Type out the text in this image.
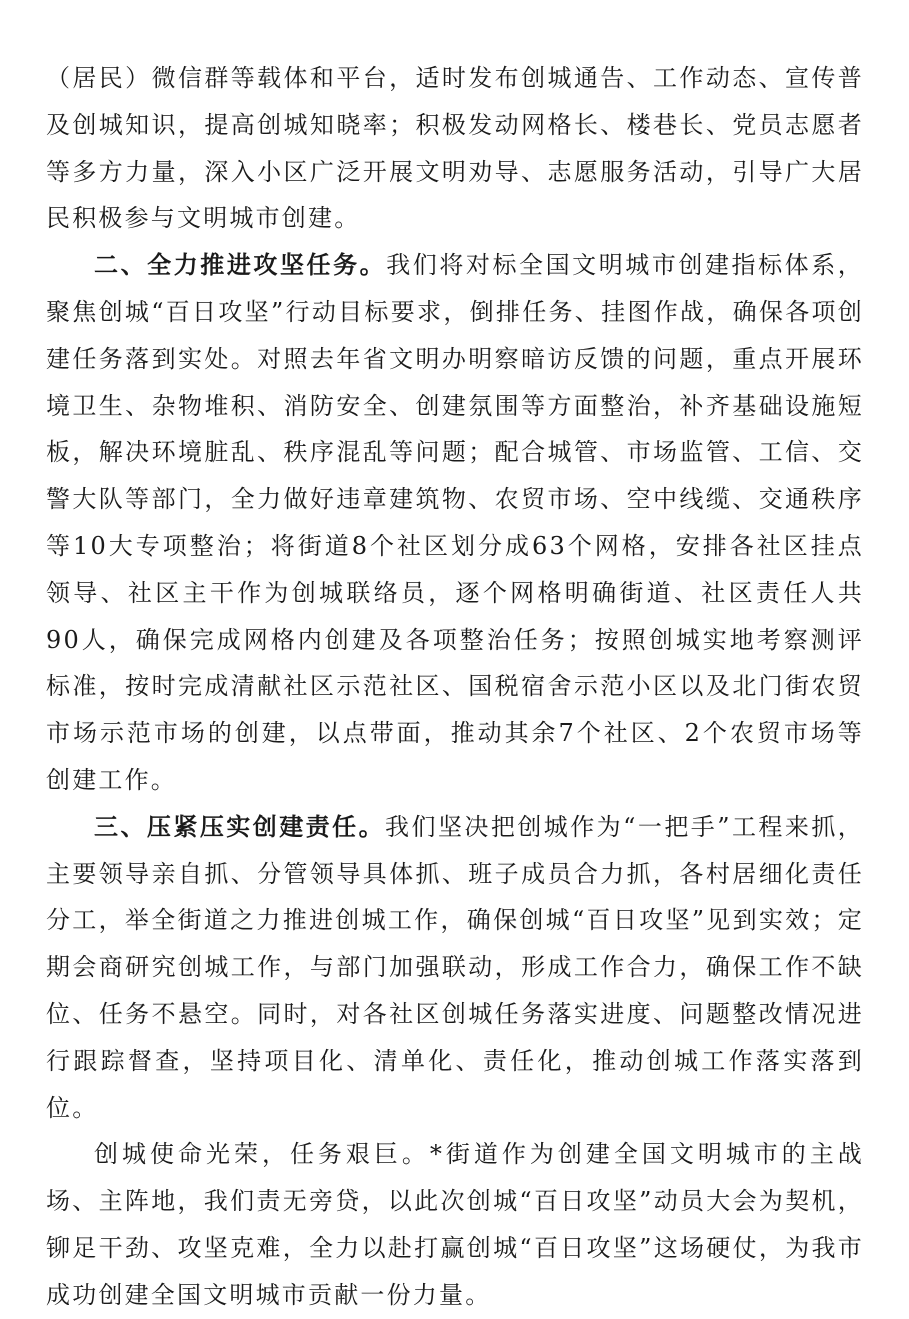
（居民）微信群等载体和平台，适时发布创城通告、工作动态、宣传普及创城知识，提高创城知晓率；积极发动网格长、楼巷长、党员志愿者等多方力量，深入小区广泛开展文明劝导、志愿服务活动，引导广大居民积极参与文明城市创建。

二、全力推进攻坚任务。我们将对标全国文明城市创建指标体系，聚焦创城“百日攻坚”行动目标要求，倒排任务、挂图作战，确保各项创建任务落到实处。对照去年省文明办明察暗访反馈的问题，重点开展环境卫生、杂物堆积、消防安全、创建氛围等方面整治，补齐基础设施短板，解决环境脏乱、秩序混乱等问题；配合城管、市场监管、工信、交警大队等部门，全力做好违章建筑物、农贸市场、空中线缆、交通秩序等10大专项整治；将街道8个社区划分成63个网格，安排各社区挂点领导、社区主干作为创城联络员，逐个网格明确街道、社区责任人共90人，确保完成网格内创建及各项整治任务；按照创城实地考察测评标准，按时完成清献社区示范社区、国税宿舍示范小区以及北门街农贸市场示范市场的创建，以点带面，推动其余7个社区、2个农贸市场等创建工作。

三、压紧压实创建责任。我们坚决把创城作为“一把手”工程来抓，主要领导亲自抓、分管领导具体抓、班子成员合力抓，各村居细化责任分工，举全街道之力推进创城工作，确保创城“百日攻坚”见到实效；定期会商研究创城工作，与部门加强联动，形成工作合力，确保工作不缺位、任务不悬空。同时，对各社区创城任务落实进度、问题整改情况进行跟踪督查，坚持项目化、清单化、责任化，推动创城工作落实落到位。

创城使命光荣，任务艰巨。*街道作为创建全国文明城市的主战场、主阵地，我们责无旁贷，以此次创城“百日攻坚”动员大会为契机，铆足干劲、攻坚克难，全力以赴打赢创城“百日攻坚”这场硬仗，为我市成功创建全国文明城市贡献一份力量。
